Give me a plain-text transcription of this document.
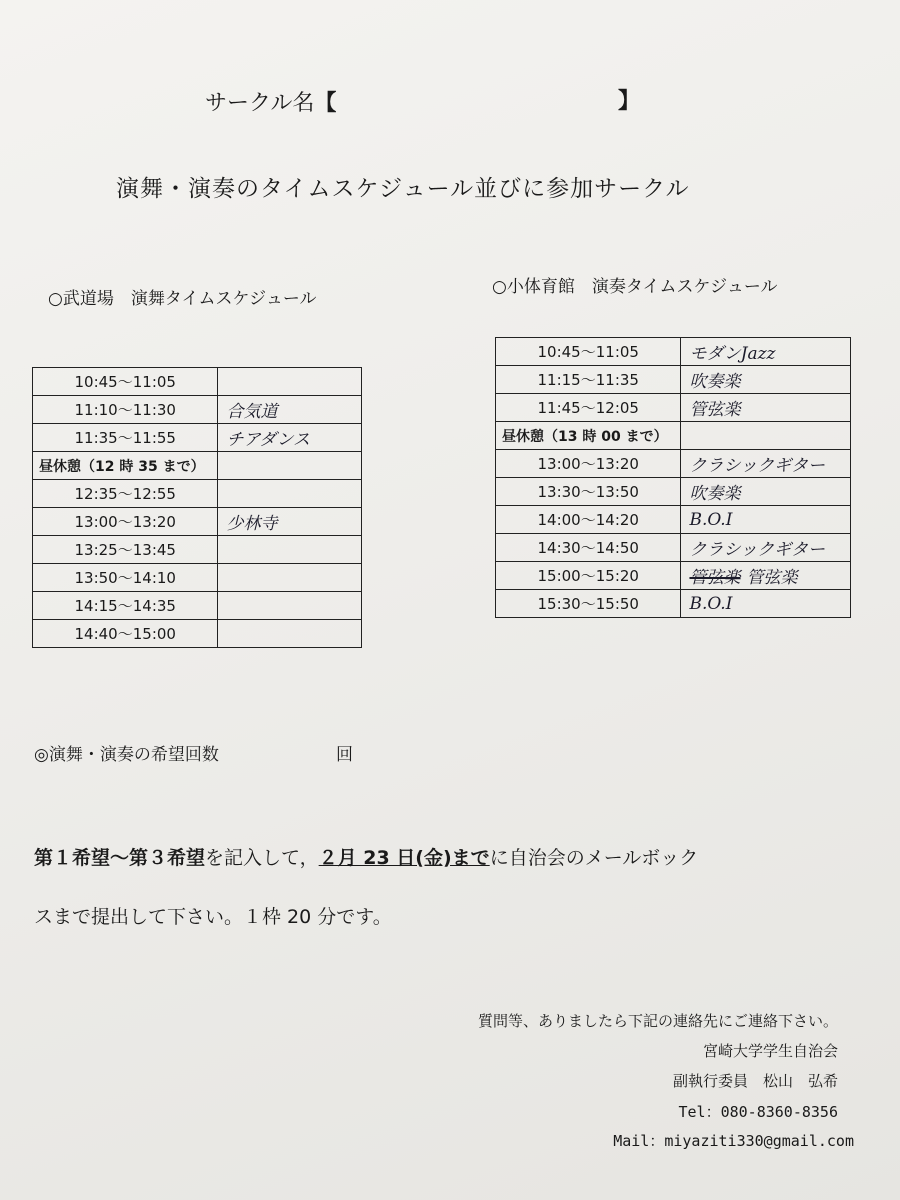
サークル名【	】
演舞・演奏のタイムスケジュール並びに参加サークル
○武道場　演舞タイムスケジュール
○小体育館　演奏タイムスケジュール
10:45〜11:05	
11:10〜11:30	合気道
11:35〜11:55	チアダンス
昼休憩（12 時 35 まで）	
12:35〜12:55	
13:00〜13:20	少林寺
13:25〜13:45	
13:50〜14:10	
14:15〜14:35	
14:40〜15:00	
10:45〜11:05	モダンJazz
11:15〜11:35	吹奏楽
11:45〜12:05	管弦楽
昼休憩（13 時 00 まで）	
13:00〜13:20	クラシックギター
13:30〜13:50	吹奏楽
14:00〜14:20	B.O.I
14:30〜14:50	クラシックギター
15:00〜15:20	管弦楽 管弦楽
15:30〜15:50	B.O.I
◎演舞・演奏の希望回数	回
第１希望〜第３希望を記入して，２月 23 日(金)までに自治会のメールボック
スまで提出して下さい。１枠 20 分です。
質問等、ありましたら下記の連絡先にご連絡下さい。
宮崎大学学生自治会
副執行委員　松山　弘希
Tel：080-8360-8356
Mail：miyaziti330@gmail.com
